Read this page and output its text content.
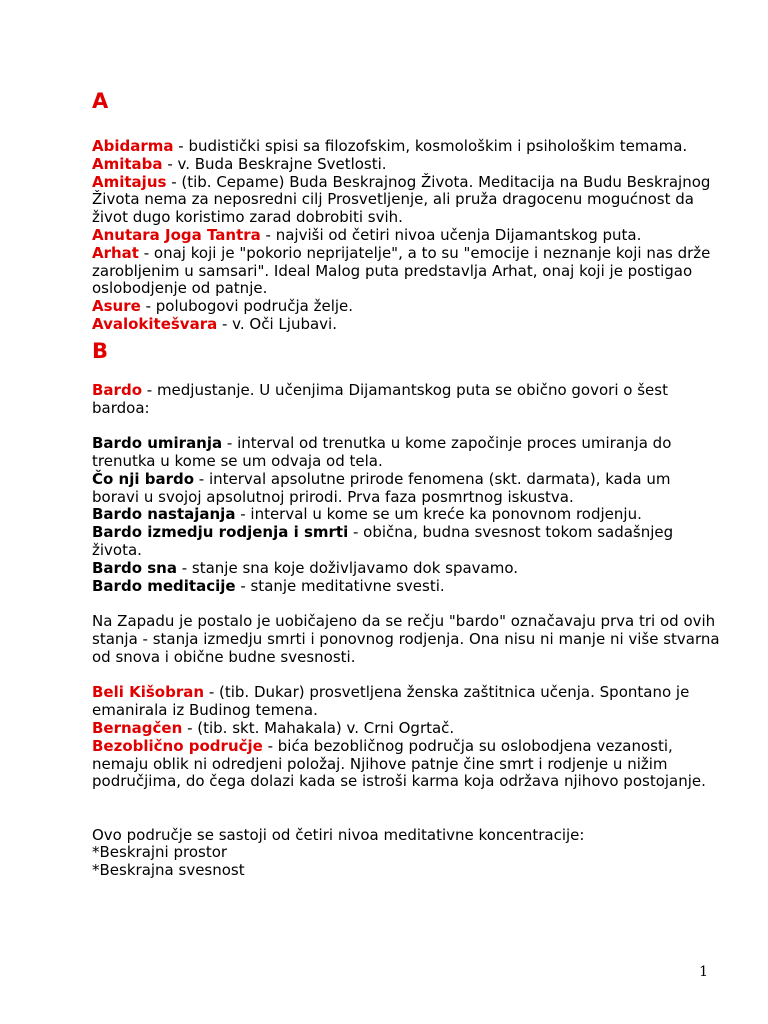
A

Abidarma - budistički spisi sa filozofskim, kosmološkim i psihološkim temama.

Amitaba - v. Buda Beskrajne Svetlosti.

Amitajus - (tib. Cepame) Buda Beskrajnog Života. Meditacija na Budu Beskrajnog Života nema za neposredni cilj Prosvetljenje, ali pruža dragocenu mogućnost da život dugo koristimo zarad dobrobiti svih.

Anutara Joga Tantra - najviši od četiri nivoa učenja Dijamantskog puta.

Arhat - onaj koji je "pokorio neprijatelje", a to su "emocije i neznanje koji nas drže zarobljenim u samsari". Ideal Malog puta predstavlja Arhat, onaj koji je postigao oslobodjenje od patnje.

Asure - polubogovi područja želje.

Avalokitešvara - v. Oči Ljubavi.

B

Bardo - medjustanje. U učenjima Dijamantskog puta se obično govori o šest bardoa:

Bardo umiranja - interval od trenutka u kome započinje proces umiranja do trenutka u kome se um odvaja od tela.

Čo nji bardo - interval apsolutne prirode fenomena (skt. darmata), kada um boravi u svojoj apsolutnoj prirodi. Prva faza posmrtnog iskustva.

Bardo nastajanja - interval u kome se um kreće ka ponovnom rodjenju.

Bardo izmedju rodjenja i smrti - obična, budna svesnost tokom sadašnjeg života.

Bardo sna - stanje sna koje doživljavamo dok spavamo.

Bardo meditacije - stanje meditativne svesti.

Na Zapadu je postalo je uobičajeno da se rečju "bardo" označavaju prva tri od ovih stanja - stanja izmedju smrti i ponovnog rodjenja. Ona nisu ni manje ni više stvarna od snova i obične budne svesnosti.

Beli Kišobran - (tib. Dukar) prosvetljena ženska zaštitnica učenja. Spontano je emanirala iz Budinog temena.

Bernagčen - (tib. skt. Mahakala) v. Crni Ogrtač.

Bezoblično područje - bića bezobličnog područja su oslobodjena vezanosti, nemaju oblik ni odredjeni položaj. Njihove patnje čine smrt i rodjenje u nižim područjima, do čega dolazi kada se istroši karma koja održava njihovo postojanje.

Ovo područje se sastoji od četiri nivoa meditativne koncentracije:

*Beskrajni prostor

*Beskrajna svesnost

1
